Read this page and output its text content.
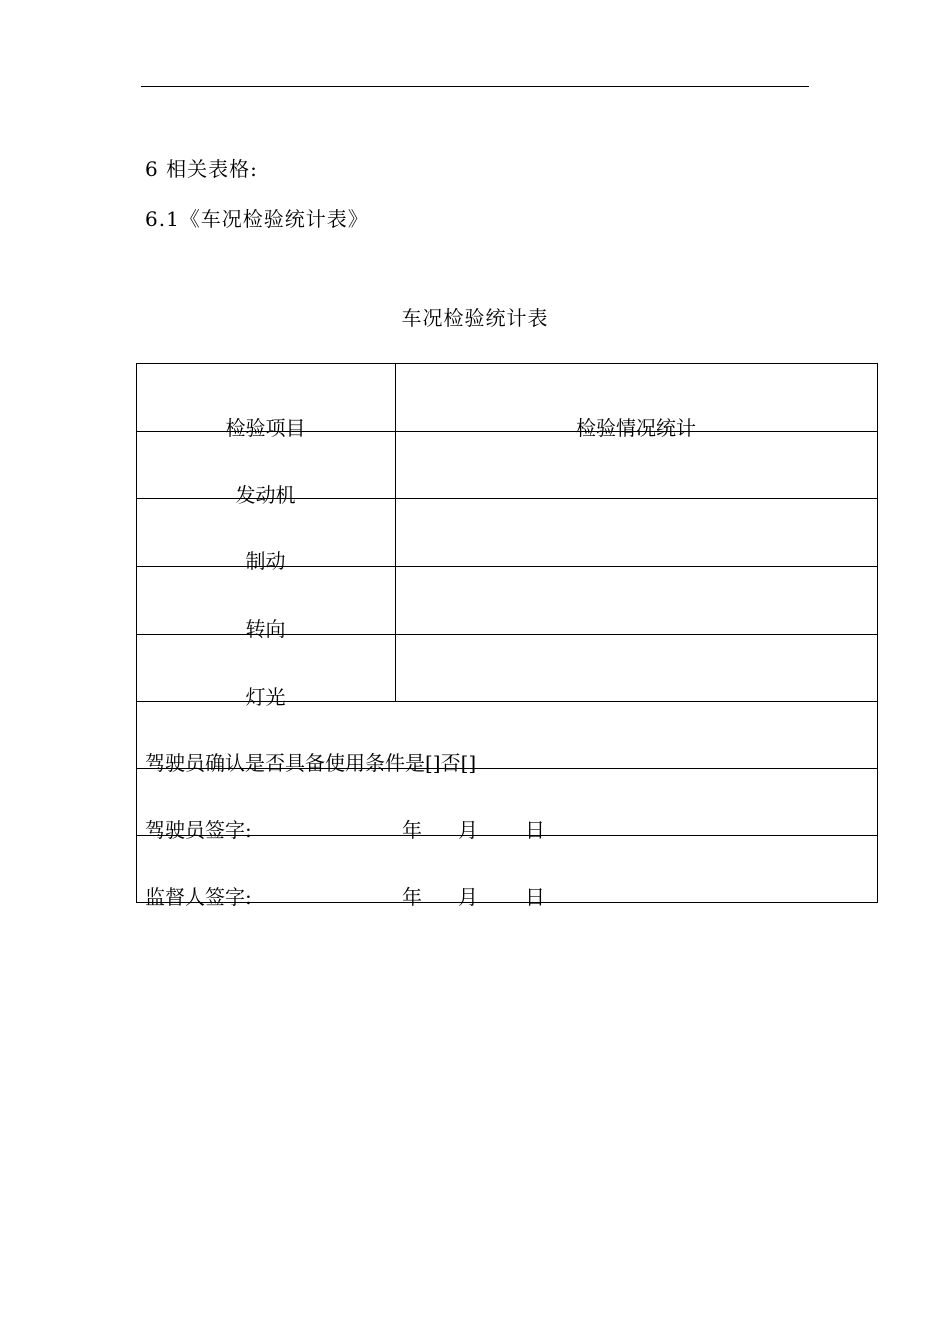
6 相关表格:
6.1《车况检验统计表》
车况检验统计表
检验项目	检验情况统计
发动机
制动
转向
灯光
驾驶员确认是否具备使用条件是[]否[]
驾驶员签字:	年 月 日
监督人签字:	年 月 日
